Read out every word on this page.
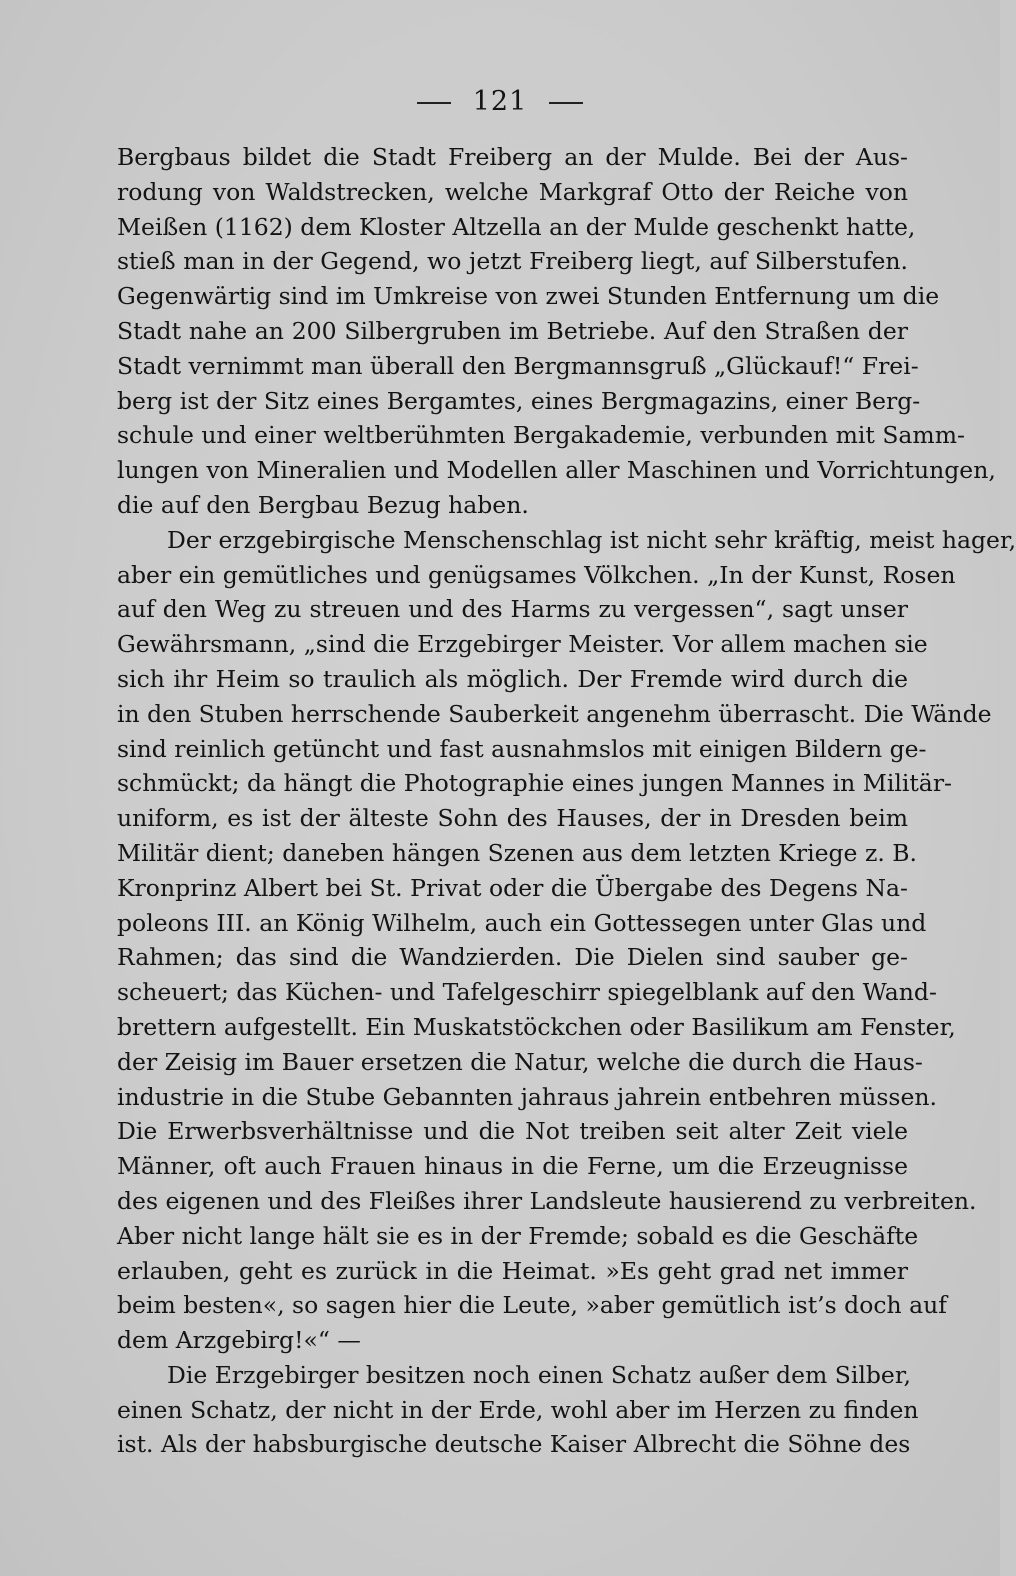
121
Bergbaus bildet die Stadt Freiberg an der Mulde. Bei der Aus-
rodung von Waldstrecken, welche Markgraf Otto der Reiche von
Meißen (1162) dem Kloster Altzella an der Mulde geschenkt hatte,
stieß man in der Gegend, wo jetzt Freiberg liegt, auf Silberstufen.
Gegenwärtig sind im Umkreise von zwei Stunden Entfernung um die
Stadt nahe an 200 Silbergruben im Betriebe. Auf den Straßen der
Stadt vernimmt man überall den Bergmannsgruß „Glückauf!“ Frei-
berg ist der Sitz eines Bergamtes, eines Bergmagazins, einer Berg-
schule und einer weltberühmten Bergakademie, verbunden mit Samm-
lungen von Mineralien und Modellen aller Maschinen und Vorrichtungen,
die auf den Bergbau Bezug haben.
Der erzgebirgische Menschenschlag ist nicht sehr kräftig, meist hager,
aber ein gemütliches und genügsames Völkchen. „In der Kunst, Rosen
auf den Weg zu streuen und des Harms zu vergessen“, sagt unser
Gewährsmann, „sind die Erzgebirger Meister. Vor allem machen sie
sich ihr Heim so traulich als möglich. Der Fremde wird durch die
in den Stuben herrschende Sauberkeit angenehm überrascht. Die Wände
sind reinlich getüncht und fast ausnahmslos mit einigen Bildern ge-
schmückt; da hängt die Photographie eines jungen Mannes in Militär-
uniform, es ist der älteste Sohn des Hauses, der in Dresden beim
Militär dient; daneben hängen Szenen aus dem letzten Kriege z. B.
Kronprinz Albert bei St. Privat oder die Übergabe des Degens Na-
poleons III. an König Wilhelm, auch ein Gottessegen unter Glas und
Rahmen; das sind die Wandzierden. Die Dielen sind sauber ge-
scheuert; das Küchen- und Tafelgeschirr spiegelblank auf den Wand-
brettern aufgestellt. Ein Muskatstöckchen oder Basilikum am Fenster,
der Zeisig im Bauer ersetzen die Natur, welche die durch die Haus-
industrie in die Stube Gebannten jahraus jahrein entbehren müssen.
Die Erwerbsverhältnisse und die Not treiben seit alter Zeit viele
Männer, oft auch Frauen hinaus in die Ferne, um die Erzeugnisse
des eigenen und des Fleißes ihrer Landsleute hausierend zu verbreiten.
Aber nicht lange hält sie es in der Fremde; sobald es die Geschäfte
erlauben, geht es zurück in die Heimat. »Es geht grad net immer
beim besten«, so sagen hier die Leute, »aber gemütlich ist’s doch auf
dem Arzgebirg!«“ —
Die Erzgebirger besitzen noch einen Schatz außer dem Silber,
einen Schatz, der nicht in der Erde, wohl aber im Herzen zu finden
ist. Als der habsburgische deutsche Kaiser Albrecht die Söhne des
